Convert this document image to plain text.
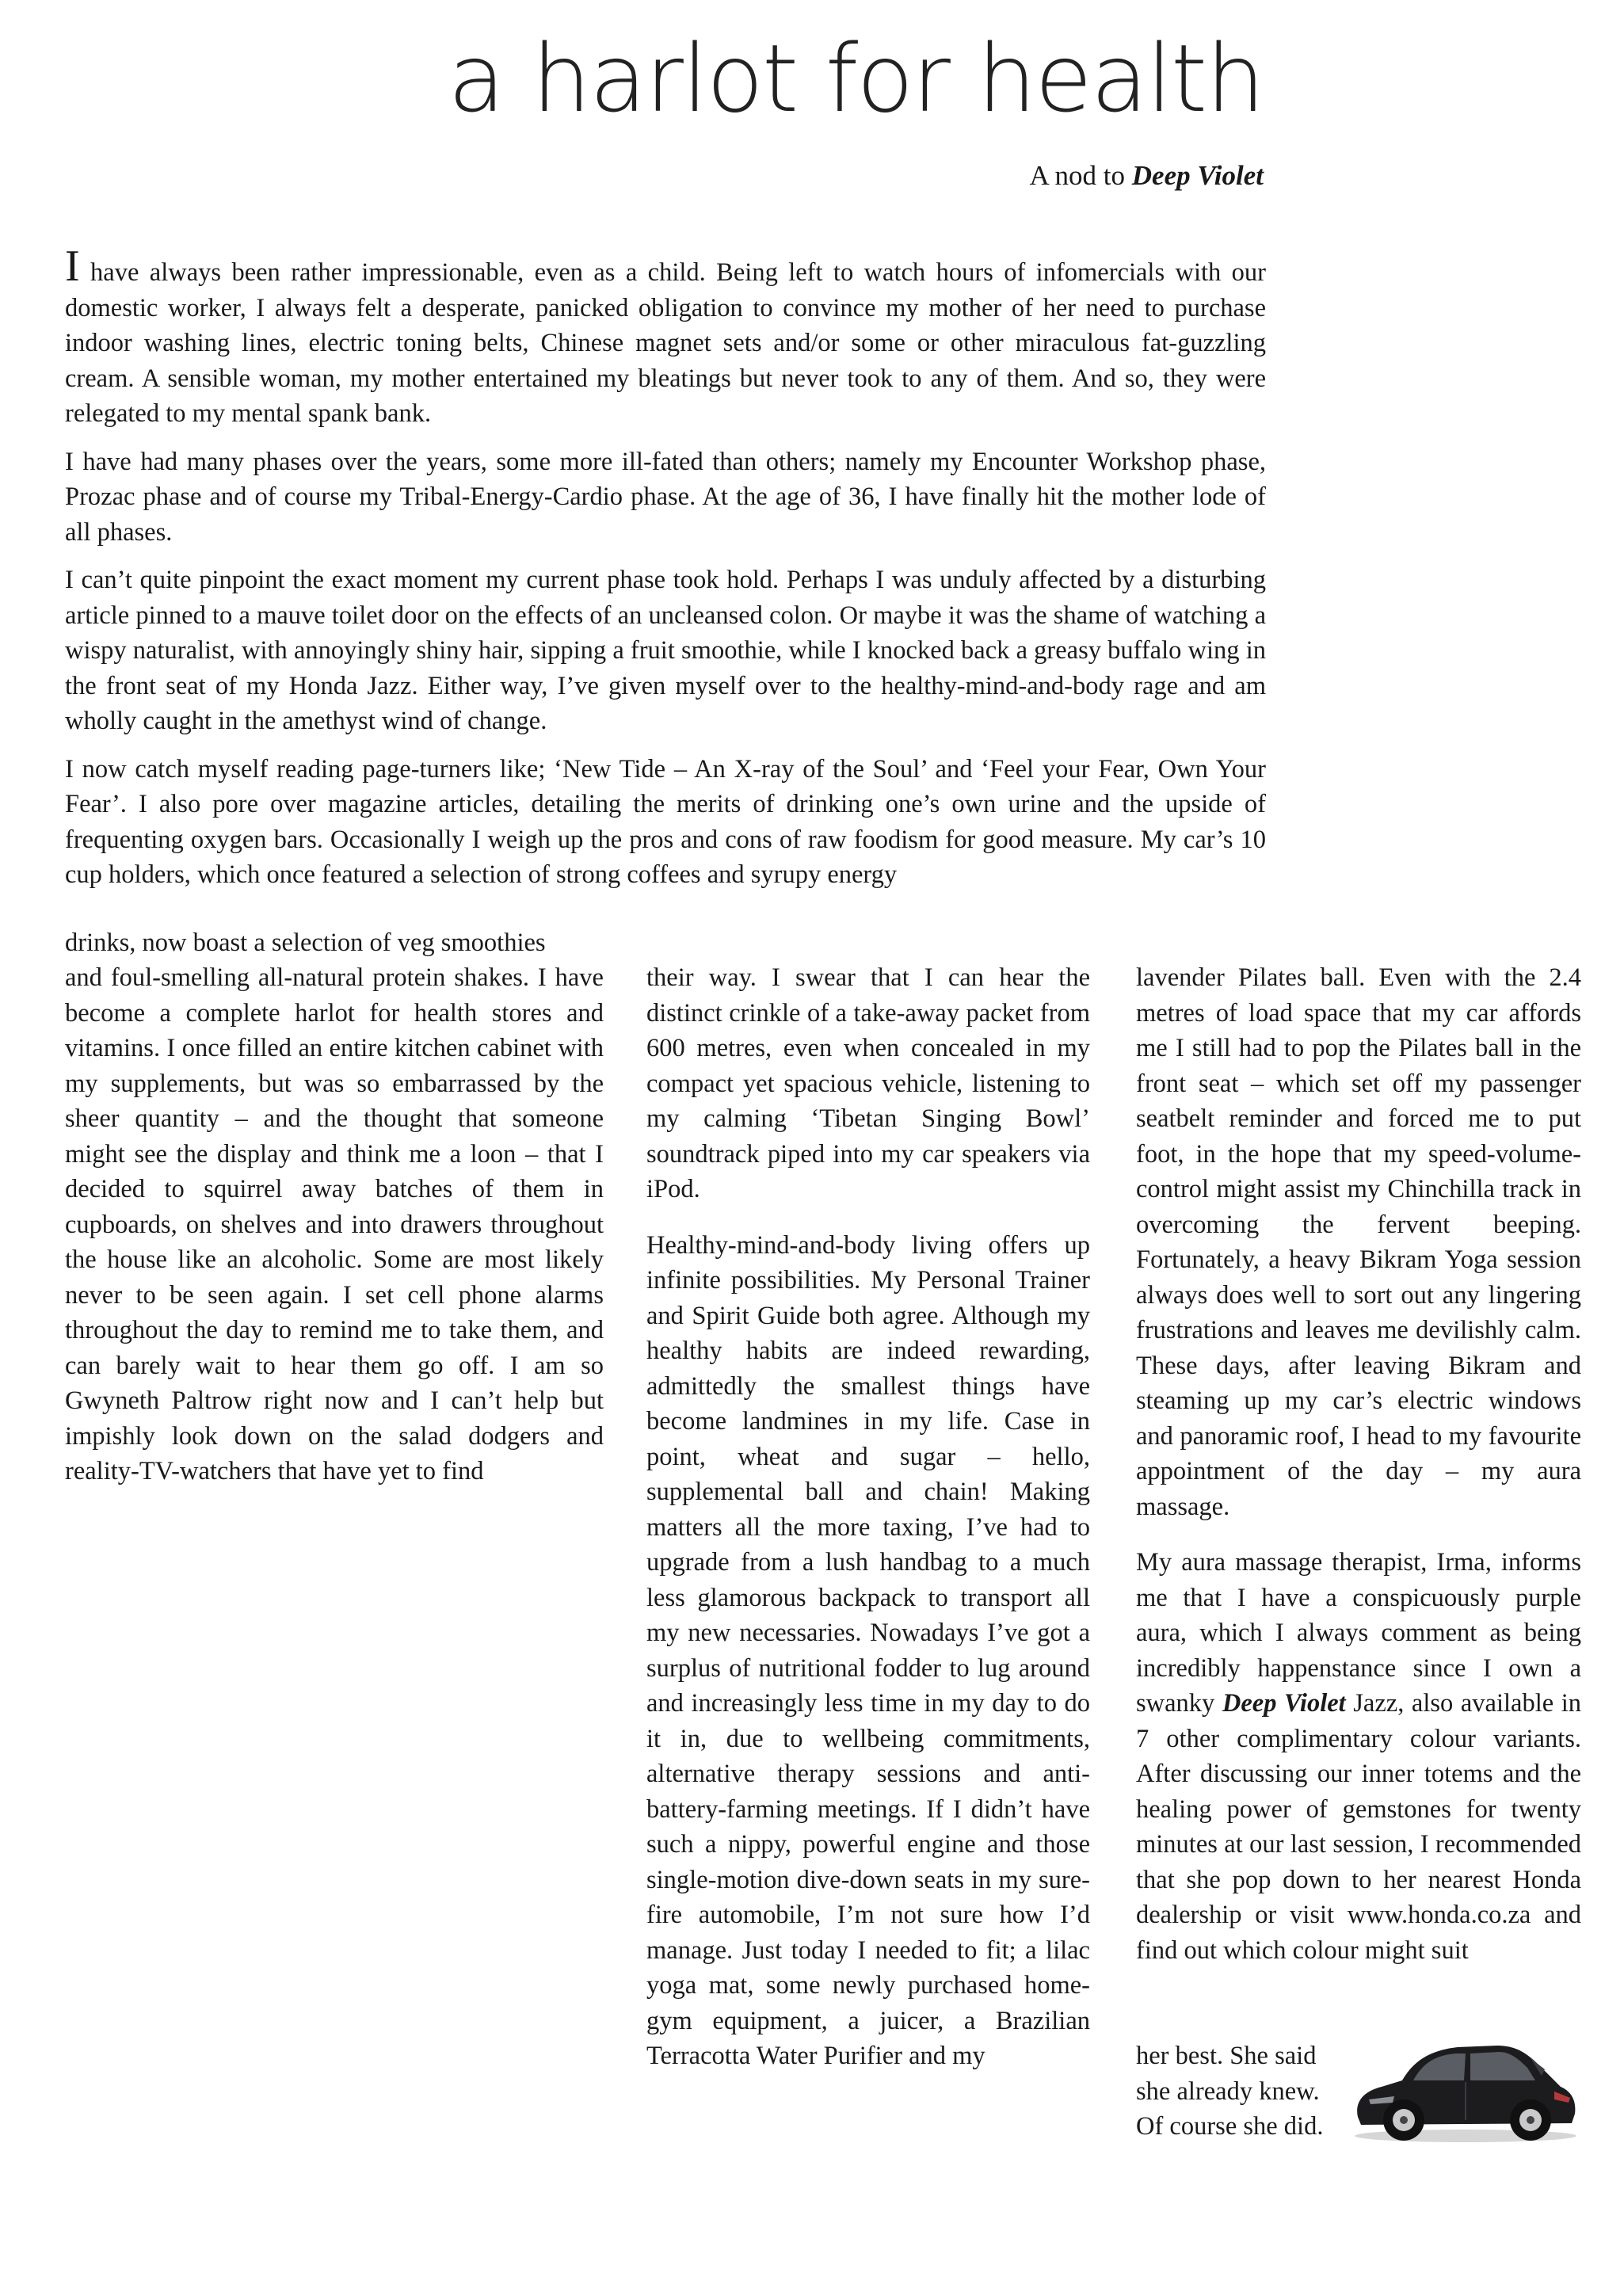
a harlot for health
A nod to Deep Violet

I have always been rather impressionable, even as a child. Being left to watch hours of infomercials with our domestic worker, I always felt a desperate, panicked obligation to convince my mother of her need to purchase indoor washing lines, electric toning belts, Chinese magnet sets and/or some or other miraculous fat-guzzling cream. A sensible woman, my mother entertained my bleatings but never took to any of them. And so, they were relegated to my mental spank bank.

I have had many phases over the years, some more ill-fated than others; namely my Encounter Workshop phase, Prozac phase and of course my Tribal-Energy-Cardio phase. At the age of 36, I have finally hit the mother lode of all phases.

I can’t quite pinpoint the exact moment my current phase took hold. Perhaps I was unduly affected by a disturbing article pinned to a mauve toilet door on the effects of an uncleansed colon. Or maybe it was the shame of watching a wispy naturalist, with annoyingly shiny hair, sipping a fruit smoothie, while I knocked back a greasy buffalo wing in the front seat of my Honda Jazz. Either way, I’ve given myself over to the healthy-mind-and-body rage and am wholly caught in the amethyst wind of change.

I now catch myself reading page-turners like; ‘New Tide – An X-ray of the Soul’ and ‘Feel your Fear, Own Your Fear’. I also pore over magazine articles, detailing the merits of drinking one’s own urine and the upside of frequenting oxygen bars. Occasionally I weigh up the pros and cons of raw foodism for good measure. My car’s 10 cup holders, which once featured a selection of strong coffees and syrupy energy

drinks, now boast a selection of veg smoothies

and foul-smelling all-natural protein shakes. I have become a complete harlot for health stores and vitamins. I once filled an entire kitchen cabinet with my supplements, but was so embarrassed by the sheer quantity – and the thought that someone might see the display and think me a loon – that I decided to squirrel away batches of them in cupboards, on shelves and into drawers throughout the house like an alcoholic. Some are most likely never to be seen again. I set cell phone alarms throughout the day to remind me to take them, and can barely wait to hear them go off. I am so Gwyneth Paltrow right now and I can’t help but impishly look down on the salad dodgers and reality-TV-watchers that have yet to find

their way. I swear that I can hear the distinct crinkle of a take-away packet from 600 metres, even when concealed in my compact yet spacious vehicle, listening to my calming ‘Tibetan Singing Bowl’ soundtrack piped into my car speakers via iPod.

Healthy-mind-and-body living offers up infinite possibilities. My Personal Trainer and Spirit Guide both agree. Although my healthy habits are indeed rewarding, admittedly the smallest things have become landmines in my life. Case in point, wheat and sugar – hello, supplemental ball and chain! Making matters all the more taxing, I’ve had to upgrade from a lush handbag to a much less glamorous backpack to transport all my new necessaries. Nowadays I’ve got a surplus of nutritional fodder to lug around and increasingly less time in my day to do it in, due to wellbeing commitments, alternative therapy sessions and anti-battery-farming meetings. If I didn’t have such a nippy, powerful engine and those single-motion dive-down seats in my sure-fire automobile, I’m not sure how I’d manage. Just today I needed to fit; a lilac yoga mat, some newly purchased home-gym equipment, a juicer, a Brazilian Terracotta Water Purifier and my

lavender Pilates ball. Even with the 2.4 metres of load space that my car affords me I still had to pop the Pilates ball in the front seat – which set off my passenger seatbelt reminder and forced me to put foot, in the hope that my speed-volume-control might assist my Chinchilla track in overcoming the fervent beeping. Fortunately, a heavy Bikram Yoga session always does well to sort out any lingering frustrations and leaves me devilishly calm. These days, after leaving Bikram and steaming up my car’s electric windows and panoramic roof, I head to my favourite appointment of the day – my aura massage.

My aura massage therapist, Irma, informs me that I have a conspicuously purple aura, which I always comment as being incredibly happenstance since I own a swanky Deep Violet Jazz, also available in 7 other complimentary colour variants. After discussing our inner totems and the healing power of gemstones for twenty minutes at our last session, I recommended that she pop down to her nearest Honda dealership or visit www.honda.co.za and find out which colour might suit

her best. She said
she already knew.
Of course she did.
